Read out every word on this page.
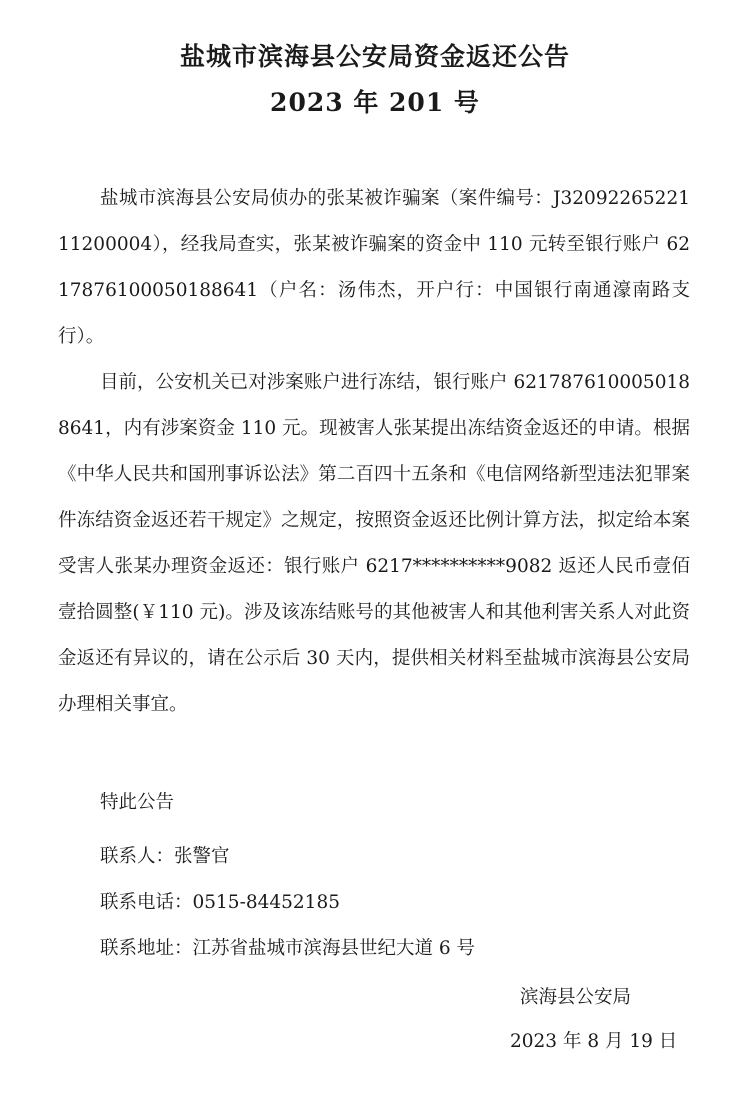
盐城市滨海县公安局资金返还公告
2023 年 201 号

盐城市滨海县公安局侦办的张某被诈骗案（案件编号：J3209226522111200004），经我局查实，张某被诈骗案的资金中 110 元转至银行账户 6217876100050188641（户名：汤伟杰，开户行：中国银行南通濠南路支行）。

目前，公安机关已对涉案账户进行冻结，银行账户 6217876100050188641，内有涉案资金 110 元。现被害人张某提出冻结资金返还的申请。根据《中华人民共和国刑事诉讼法》第二百四十五条和《电信网络新型违法犯罪案件冻结资金返还若干规定》之规定，按照资金返还比例计算方法，拟定给本案受害人张某办理资金返还：银行账户 6217**********9082 返还人民币壹佰壹拾圆整(￥110 元)。涉及该冻结账号的其他被害人和其他利害关系人对此资金返还有异议的，请在公示后 30 天内，提供相关材料至盐城市滨海县公安局办理相关事宜。

特此公告

联系人：张警官

联系电话：0515-84452185

联系地址：江苏省盐城市滨海县世纪大道 6 号

滨海县公安局

2023 年 8 月 19 日
